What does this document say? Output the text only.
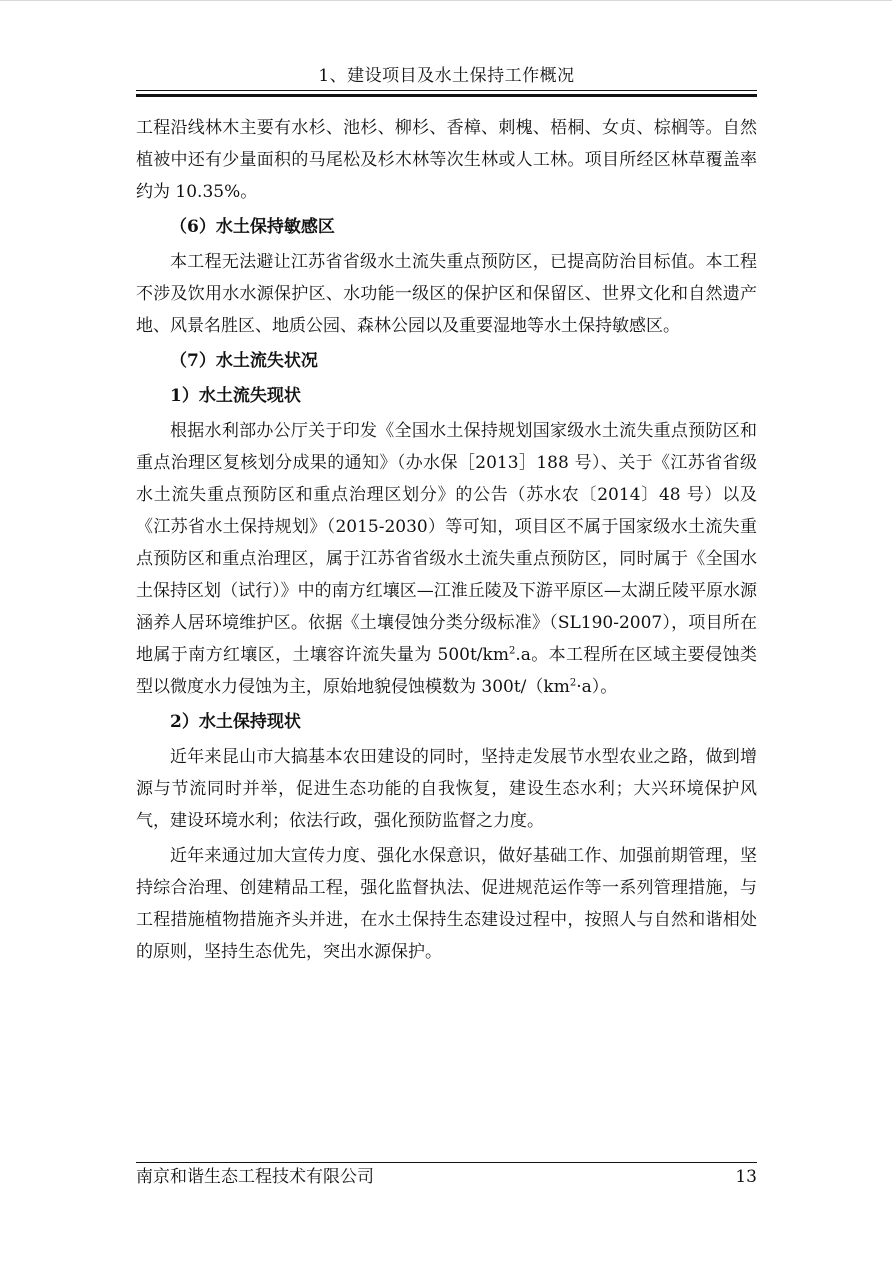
1、建设项目及水土保持工作概况

工程沿线林木主要有水杉、池杉、柳杉、香樟、刺槐、梧桐、女贞、棕榈等。自然植被中还有少量面积的马尾松及杉木林等次生林或人工林。项目所经区林草覆盖率约为 10.35%。

（6）水土保持敏感区

本工程无法避让江苏省省级水土流失重点预防区，已提高防治目标值。本工程不涉及饮用水水源保护区、水功能一级区的保护区和保留区、世界文化和自然遗产地、风景名胜区、地质公园、森林公园以及重要湿地等水土保持敏感区。

（7）水土流失状况

1）水土流失现状

根据水利部办公厅关于印发《全国水土保持规划国家级水土流失重点预防区和重点治理区复核划分成果的通知》（办水保［2013］188 号）、关于《江苏省省级水土流失重点预防区和重点治理区划分》的公告（苏水农〔2014〕48 号）以及《江苏省水土保持规划》（2015-2030）等可知，项目区不属于国家级水土流失重点预防区和重点治理区，属于江苏省省级水土流失重点预防区，同时属于《全国水土保持区划（试行）》中的南方红壤区—江淮丘陵及下游平原区—太湖丘陵平原水源涵养人居环境维护区。依据《土壤侵蚀分类分级标准》（SL190-2007），项目所在地属于南方红壤区，土壤容许流失量为 $500t/km^2.a$。本工程所在区域主要侵蚀类型以微度水力侵蚀为主，原始地貌侵蚀模数为 $300t/(km^2\cdot a)$。

2）水土保持现状

近年来昆山市大搞基本农田建设的同时，坚持走发展节水型农业之路，做到增源与节流同时并举，促进生态功能的自我恢复，建设生态水利；大兴环境保护风气，建设环境水利；依法行政，强化预防监督之力度。

近年来通过加大宣传力度、强化水保意识，做好基础工作、加强前期管理，坚持综合治理、创建精品工程，强化监督执法、促进规范运作等一系列管理措施，与工程措施植物措施齐头并进，在水土保持生态建设过程中，按照人与自然和谐相处的原则，坚持生态优先，突出水源保护。

南京和谐生态工程技术有限公司	13
